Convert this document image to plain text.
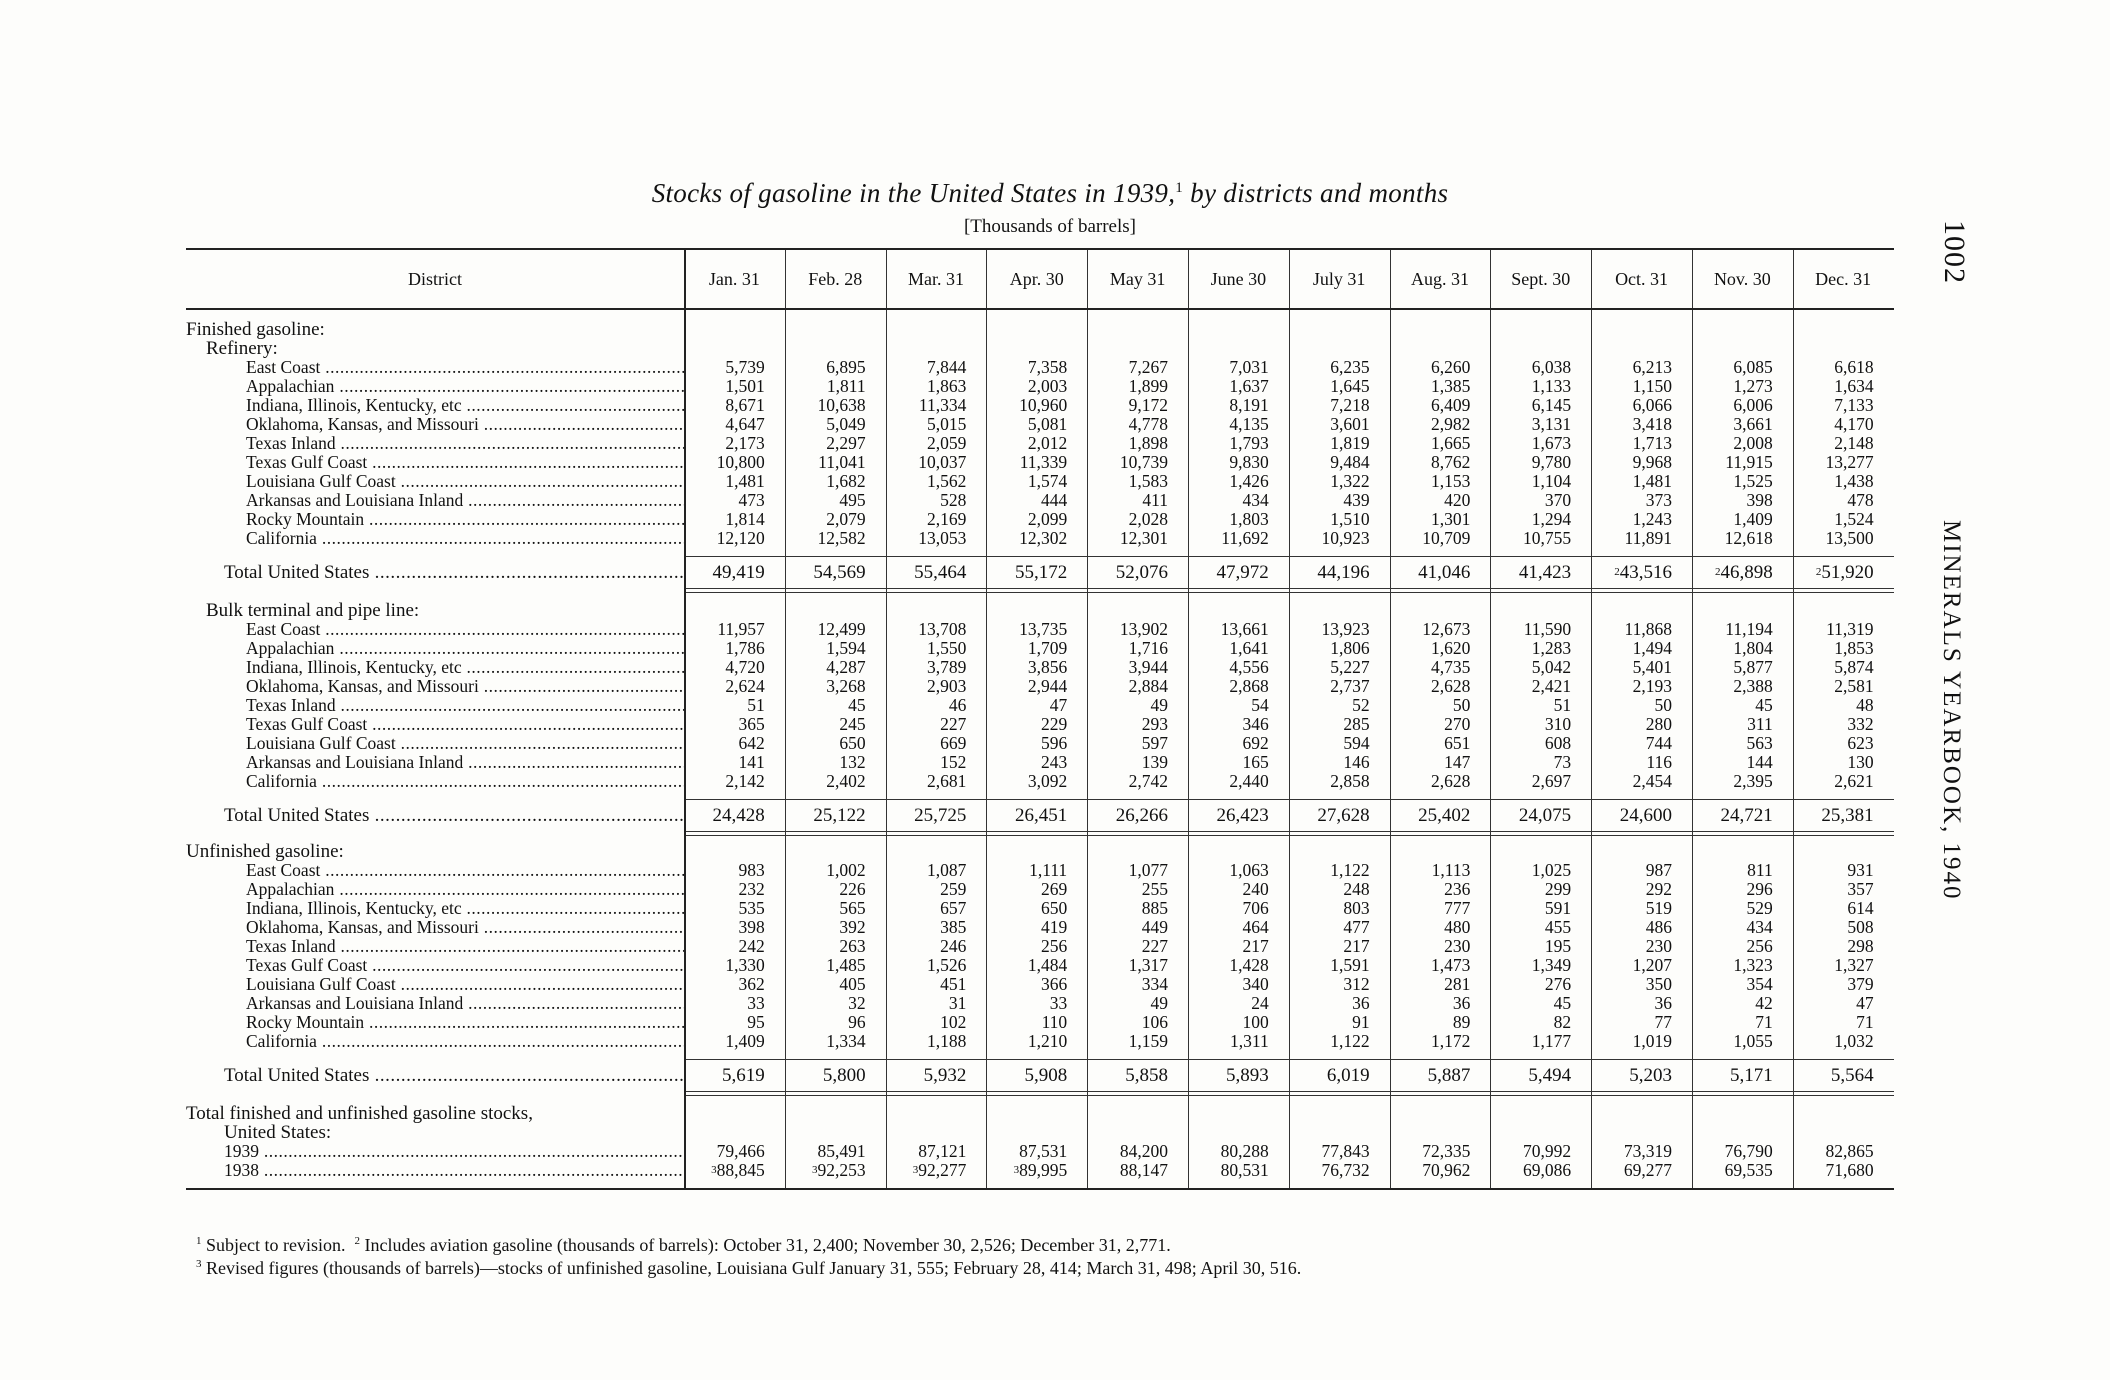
Stocks of gasoline in the United States in 1939,$^1$ by districts and months
[Thousands of barrels]	1002
MINERALS YEARBOOK, 1940
District	Jan. 31	Feb. 28	Mar. 31	Apr. 30	May 31	June 30	July 31	Aug. 31	Sept. 30	Oct. 31	Nov. 30	Dec. 31
Finished gasoline:
Refinery:
East Coast .....	5,739	6,895	7,844	7,358	7,267	7,031	6,235	6,260	6,038	6,213	6,085	6,618
Appalachian .....	1,501	1,811	1,863	2,003	1,899	1,637	1,645	1,385	1,133	1,150	1,273	1,634
Indiana, Illinois, Kentucky, etc .....	8,671	10,638	11,334	10,960	9,172	8,191	7,218	6,409	6,145	6,066	6,006	7,133
Oklahoma, Kansas, and Missouri .....	4,647	5,049	5,015	5,081	4,778	4,135	3,601	2,982	3,131	3,418	3,661	4,170
Texas Inland .....	2,173	2,297	2,059	2,012	1,898	1,793	1,819	1,665	1,673	1,713	2,008	2,148
Texas Gulf Coast .....	10,800	11,041	10,037	11,339	10,739	9,830	9,484	8,762	9,780	9,968	11,915	13,277
Louisiana Gulf Coast .....	1,481	1,682	1,562	1,574	1,583	1,426	1,322	1,153	1,104	1,481	1,525	1,438
Arkansas and Louisiana Inland .....	473	495	528	444	411	434	439	420	370	373	398	478
Rocky Mountain .....	1,814	2,079	2,169	2,099	2,028	1,803	1,510	1,301	1,294	1,243	1,409	1,524
California .....	12,120	12,582	13,053	12,302	12,301	11,692	10,923	10,709	10,755	11,891	12,618	13,500
Total United States .....	49,419	54,569	55,464	55,172	52,076	47,972	44,196	41,046	41,423	$^2$43,516	$^2$46,898	$^2$51,920
Bulk terminal and pipe line:
East Coast .....	11,957	12,499	13,708	13,735	13,902	13,661	13,923	12,673	11,590	11,868	11,194	11,319
Appalachian .....	1,786	1,594	1,550	1,709	1,716	1,641	1,806	1,620	1,283	1,494	1,804	1,853
Indiana, Illinois, Kentucky, etc .....	4,720	4,287	3,789	3,856	3,944	4,556	5,227	4,735	5,042	5,401	5,877	5,874
Oklahoma, Kansas, and Missouri .....	2,624	3,268	2,903	2,944	2,884	2,868	2,737	2,628	2,421	2,193	2,388	2,581
Texas Inland .....	51	45	46	47	49	54	52	50	51	50	45	48
Texas Gulf Coast .....	365	245	227	229	293	346	285	270	310	280	311	332
Louisiana Gulf Coast .....	642	650	669	596	597	692	594	651	608	744	563	623
Arkansas and Louisiana Inland .....	141	132	152	243	139	165	146	147	73	116	144	130
California .....	2,142	2,402	2,681	3,092	2,742	2,440	2,858	2,628	2,697	2,454	2,395	2,621
Total United States .....	24,428	25,122	25,725	26,451	26,266	26,423	27,628	25,402	24,075	24,600	24,721	25,381
Unfinished gasoline:
East Coast .....	983	1,002	1,087	1,111	1,077	1,063	1,122	1,113	1,025	987	811	931
Appalachian .....	232	226	259	269	255	240	248	236	299	292	296	357
Indiana, Illinois, Kentucky, etc .....	535	565	657	650	885	706	803	777	591	519	529	614
Oklahoma, Kansas, and Missouri .....	398	392	385	419	449	464	477	480	455	486	434	508
Texas Inland .....	242	263	246	256	227	217	217	230	195	230	256	298
Texas Gulf Coast .....	1,330	1,485	1,526	1,484	1,317	1,428	1,591	1,473	1,349	1,207	1,323	1,327
Louisiana Gulf Coast .....	362	405	451	366	334	340	312	281	276	350	354	379
Arkansas and Louisiana Inland .....	33	32	31	33	49	24	36	36	45	36	42	47
Rocky Mountain .....	95	96	102	110	106	100	91	89	82	77	71	71
California .....	1,409	1,334	1,188	1,210	1,159	1,311	1,122	1,172	1,177	1,019	1,055	1,032
Total United States .....	5,619	5,800	5,932	5,908	5,858	5,893	6,019	5,887	5,494	5,203	5,171	5,564
Total finished and unfinished gasoline stocks,
United States:
1939 .....	79,466	85,491	87,121	87,531	84,200	80,288	77,843	72,335	70,992	73,319	76,790	82,865
1938 .....	$^3$88,845	$^3$92,253	$^3$92,277	$^3$89,995	88,147	80,531	76,732	70,962	69,086	69,277	69,535	71,680
$^1$ Subject to revision. $^2$ Includes aviation gasoline (thousands of barrels): October 31, 2,400; November 30, 2,526; December 31, 2,771.
$^3$ Revised figures (thousands of barrels)—stocks of unfinished gasoline, Louisiana Gulf January 31, 555; February 28, 414; March 31, 498; April 30, 516.
